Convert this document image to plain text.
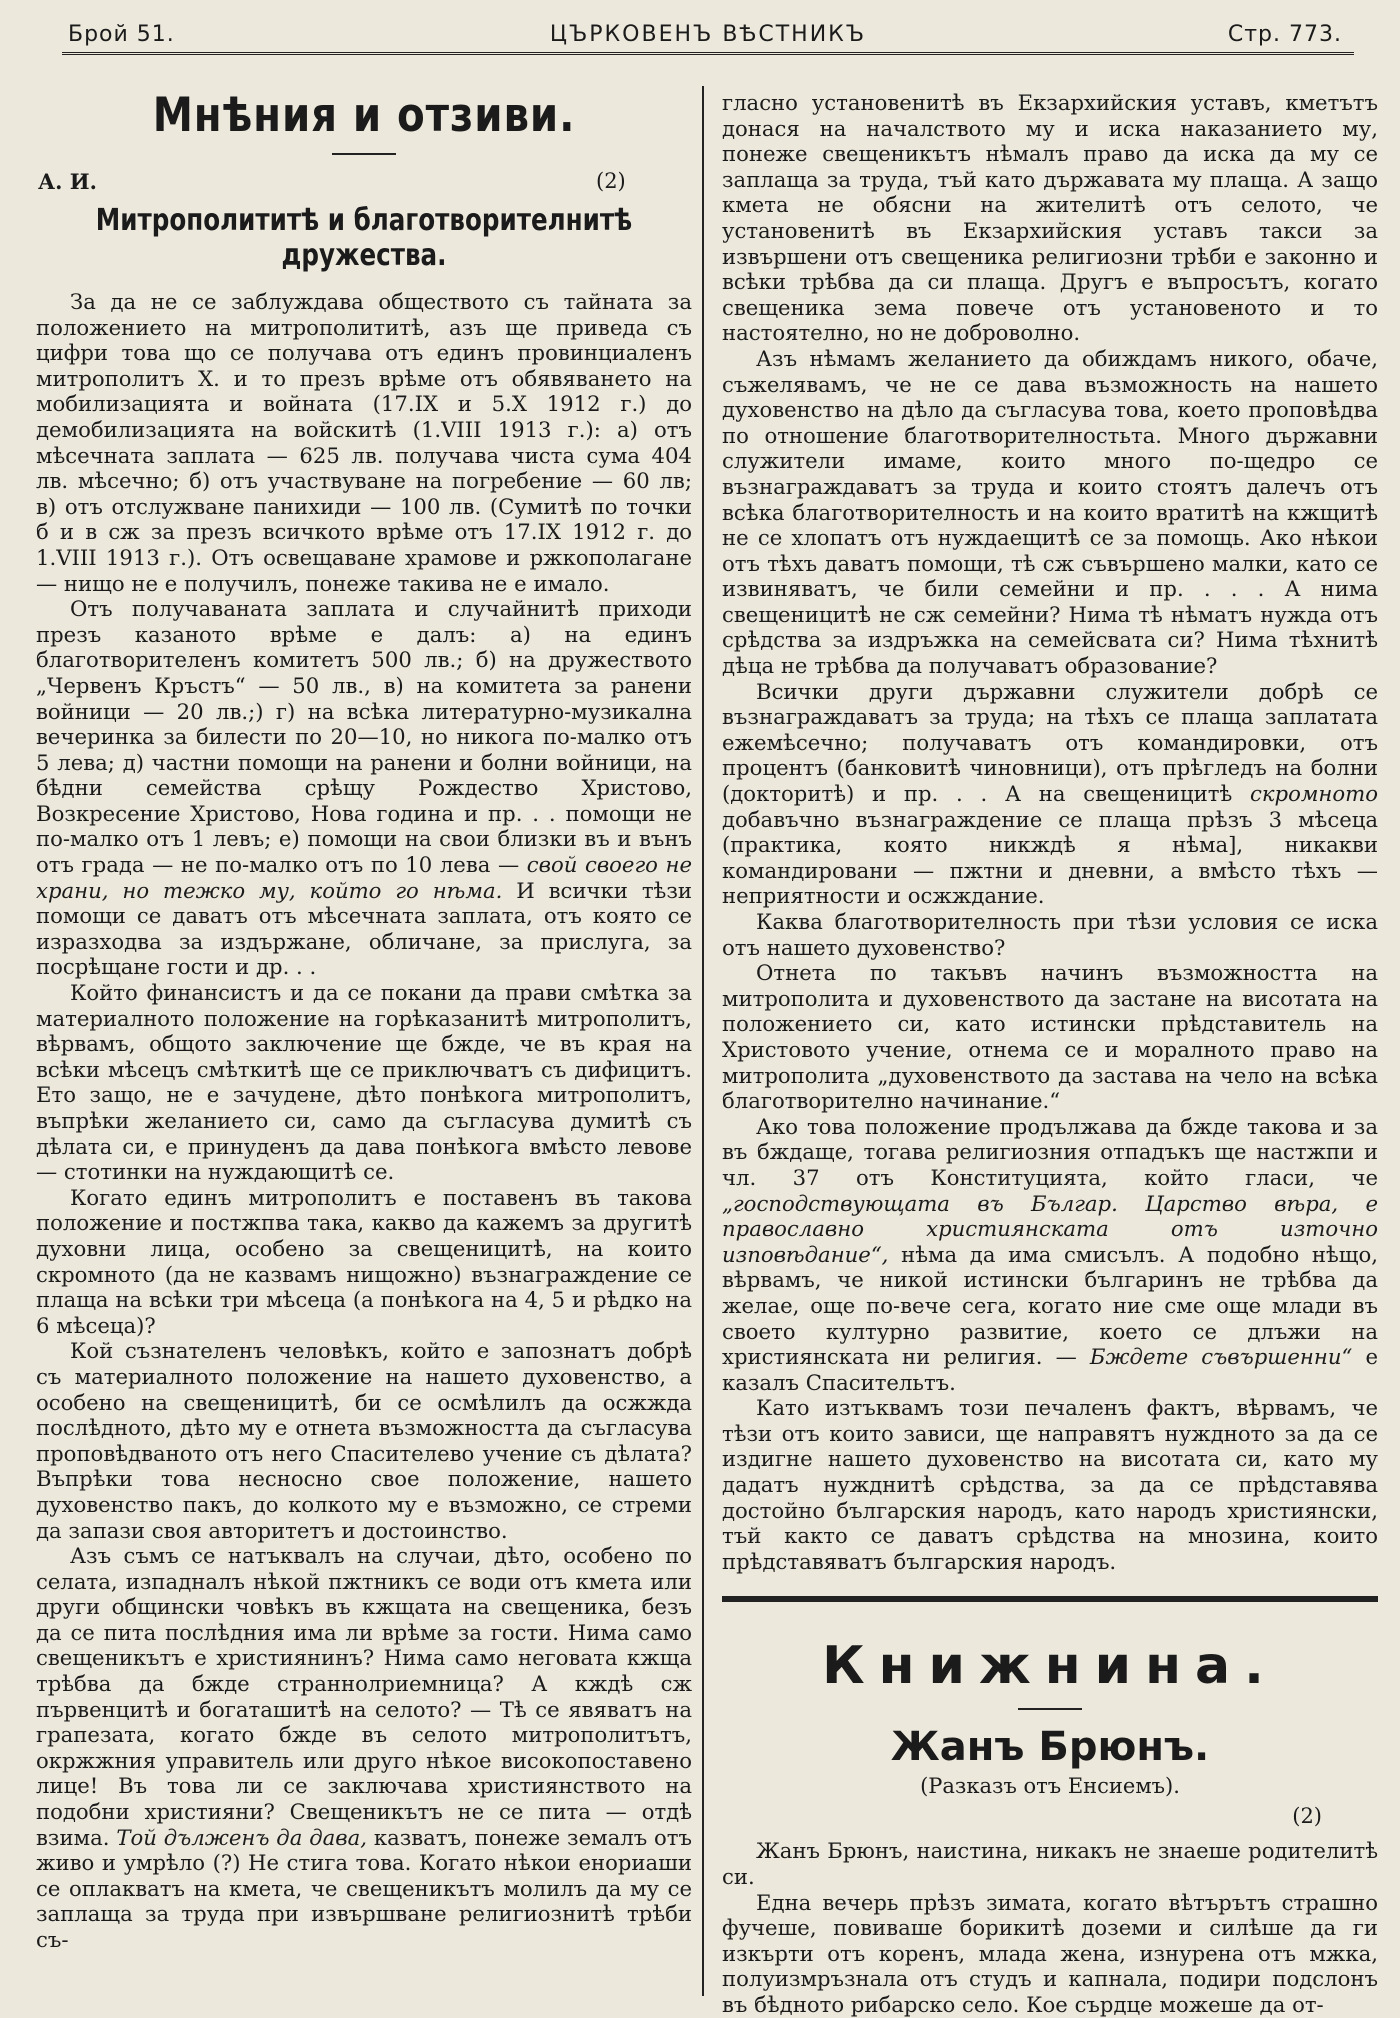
Брой 51.	ЦЪРКОВЕНЪ ВѢСТНИКЪ	Стр. 773.
Мнѣния и отзиви.
А. И.	(2)
Митрополититѣ и благотворителнитѣ дружества.

За да не се заблуждава обществото съ тайната за положението на митрополититѣ, азъ ще приведа съ цифри това що се получава отъ единъ провинциаленъ митрополитъ Х. и то презъ врѣме отъ обявяването на мобилизацията и войната (17.IX и 5.X 1912 г.) до демобилизацията на войскитѣ (1.VIII 1913 г.): а) отъ мѣсечната заплата — 625 лв. получава чиста сума 404 лв. мѣсечно; б) отъ участвуване на погребение — 60 лв; в) отъ отслужване панихиди — 100 лв. (Сумитѣ по точки б и в сж за презъ всичкото врѣме отъ 17.IX 1912 г. до 1.VIII 1913 г.). Отъ освещаване храмове и ржкополагане — нищо не е получилъ, понеже такива не е имало.

Отъ получаваната заплата и случайнитѣ приходи презъ казаното врѣме е далъ: а) на единъ благотворителенъ комитетъ 500 лв.; б) на дружеството „Червенъ Кръстъ“ — 50 лв., в) на комитета за ранени войници — 20 лв.;) г) на всѣка литературно-музикална вечеринка за билести по 20—10, но никога по-малко отъ 5 лева; д) частни помощи на ранени и болни войници, на бѣдни семейства срѣщу Рождество Христово, Возкресение Христово, Нова година и пр. . . помощи не по-малко отъ 1 левъ; е) помощи на свои близки въ и вънъ отъ града — не по-малко отъ по 10 лева — свой своего не храни, но тежко му, който го нѣма. И всички тѣзи помощи се даватъ отъ мѣсечната заплата, отъ която се изразходва за издържане, обличане, за прислуга, за посрѣщане гости и др. . .

Който финансистъ и да се покани да прави смѣтка за материалното положение на горѣказанитѣ митрополитъ, вѣрвамъ, общото заключение ще бжде, че въ края на всѣки мѣсецъ смѣткитѣ ще се приключватъ съ дифицитъ. Ето защо, не е зачудене, дѣто понѣкога митрополитъ, въпрѣки желанието си, само да съгласува думитѣ съ дѣлата си, е принуденъ да дава понѣкога вмѣсто левове — стотинки на нуждающитѣ се.

Когато единъ митрополитъ е поставенъ въ такова положение и постжпва така, какво да кажемъ за другитѣ духовни лица, особено за свещеницитѣ, на които скромното (да не казвамъ нищожно) възнаграждение се плаща на всѣки три мѣсеца (а понѣкога на 4, 5 и рѣдко на 6 мѣсеца)?

Кой съзнателенъ человѣкъ, който е запознатъ добрѣ съ материалното положение на нашето духовенство, а особено на свещеницитѣ, би се осмѣлилъ да осжжда послѣдното, дѣто му е отнета възможността да съгласува проповѣдваното отъ него Спасителево учение съ дѣлата? Въпрѣки това несносно свое положение, нашето духовенство пакъ, до колкото му е възможно, се стреми да запази своя авторитетъ и достоинство.

Азъ съмъ се натъквалъ на случаи, дѣто, особено по селата, изпадналъ нѣкой пжтникъ се води отъ кмета или други общински човѣкъ въ кжщата на свещеника, безъ да се пита послѣдния има ли врѣме за гости. Нима само свещеникътъ е християнинъ? Нима само неговата кжща трѣбва да бжде страннолриемница? А кждѣ сж първенцитѣ и богаташитѣ на селото? — Тѣ се явяватъ на грапезата, когато бжде въ селото митрополитътъ, окржжния управитель или друго нѣкое високопоставено лице! Въ това ли се заключава християнството на подобни християни? Свещеникътъ не се пита — отдѣ взима. Той дълженъ да дава, казватъ, понеже земалъ отъ живо и умрѣло (?) Не стига това. Когато нѣкои енориаши се оплакватъ на кмета, че свещеникътъ молилъ да му се заплаща за труда при извършване религиознитѣ трѣби съ-

гласно установенитѣ въ Екзархийския уставъ, кметътъ донася на началството му и иска наказанието му, понеже свещеникътъ нѣмалъ право да иска да му се заплаща за труда, тъй като държавата му плаща. А защо кмета не обясни на жителитѣ отъ селото, че установенитѣ въ Екзархийския уставъ такси за извършени отъ свещеника религиозни трѣби е законно и всѣки трѣбва да си плаща. Другъ е въпросътъ, когато свещеника зема повече отъ установеното и то настоятелно, но не доброволно.

Азъ нѣмамъ желанието да обиждамъ никого, обаче, съжелявамъ, че не се дава възможность на нашето духовенство на дѣло да съгласува това, което проповѣдва по отношение благотворителностьта. Много държавни служители имаме, които много по-щедро се възнаграждаватъ за труда и които стоятъ далечъ отъ всѣка благотворителность и на които вратитѣ на кжщитѣ не се хлопатъ отъ нуждаещитѣ се за помощь. Ако нѣкои отъ тѣхъ даватъ помощи, тѣ сж съвършено малки, като се извиняватъ, че били семейни и пр. . . . А нима свещеницитѣ не сж семейни? Нима тѣ нѣматъ нужда отъ срѣдства за издръжка на семейсвата си? Нима тѣхнитѣ дѣца не трѣбва да получаватъ образование?

Всички други държавни служители добрѣ се възнаграждаватъ за труда; на тѣхъ се плаща заплатата ежемѣсечно; получаватъ отъ командировки, отъ процентъ (банковитѣ чиновници), отъ прѣгледъ на болни (докторитѣ) и пр. . . А на свещеницитѣ скромното добавъчно възнаграждение се плаща прѣзъ 3 мѣсеца (практика, която никждѣ я нѣма], никакви командировани — пжтни и дневни, а вмѣсто тѣхъ — неприятности и осжждание.

Каква благотворителность при тѣзи условия се иска отъ нашето духовенство?

Отнета по такъвъ начинъ възможността на митрополита и духовенството да застане на висотата на положението си, като истински прѣдставитель на Христовото учение, отнема се и моралното право на митрополита „духовенството да застава на чело на всѣка благотворително начинание.“

Ако това положение продължава да бжде такова и за въ бждаще, тогава религиозния отпадъкъ ще настжпи и чл. 37 отъ Конституцията, който гласи, че „господствующата въ Българ. Царство вѣра, е православно християнската отъ източно изповѣдание“, нѣма да има смисълъ. А подобно нѣщо, вѣрвамъ, че никой истински българинъ не трѣбва да желае, още по-вече сега, когато ние сме още млади въ своето културно развитие, което се длъжи на християнската ни религия. — Бждете съвършенни“ е казалъ Спасительтъ.

Като изтъквамъ този печаленъ фактъ, вѣрвамъ, че тѣзи отъ които зависи, ще направятъ нуждното за да се издигне нашето духовенство на висотата си, като му дадатъ нужднитѣ срѣдства, за да се прѣдставява достойно българския народъ, като народъ християнски, тъй както се даватъ срѣдства на мнозина, които прѣдставяватъ българския народъ.

Книжнина.
Жанъ Брюнъ.
(Разказъ отъ Енсиемъ).
(2)

Жанъ Брюнъ, наистина, никакъ не знаеше родителитѣ си.

Една вечерь прѣзъ зимата, когато вѣтърътъ страшно фучеше, повиваше борикитѣ доземи и силѣше да ги изкърти отъ коренъ, млада жена, изнурена отъ мжка, полуизмръзнала отъ студъ и капнала, подири подслонъ въ бѣдното рибарско село. Кое сърдце можеше да от-
